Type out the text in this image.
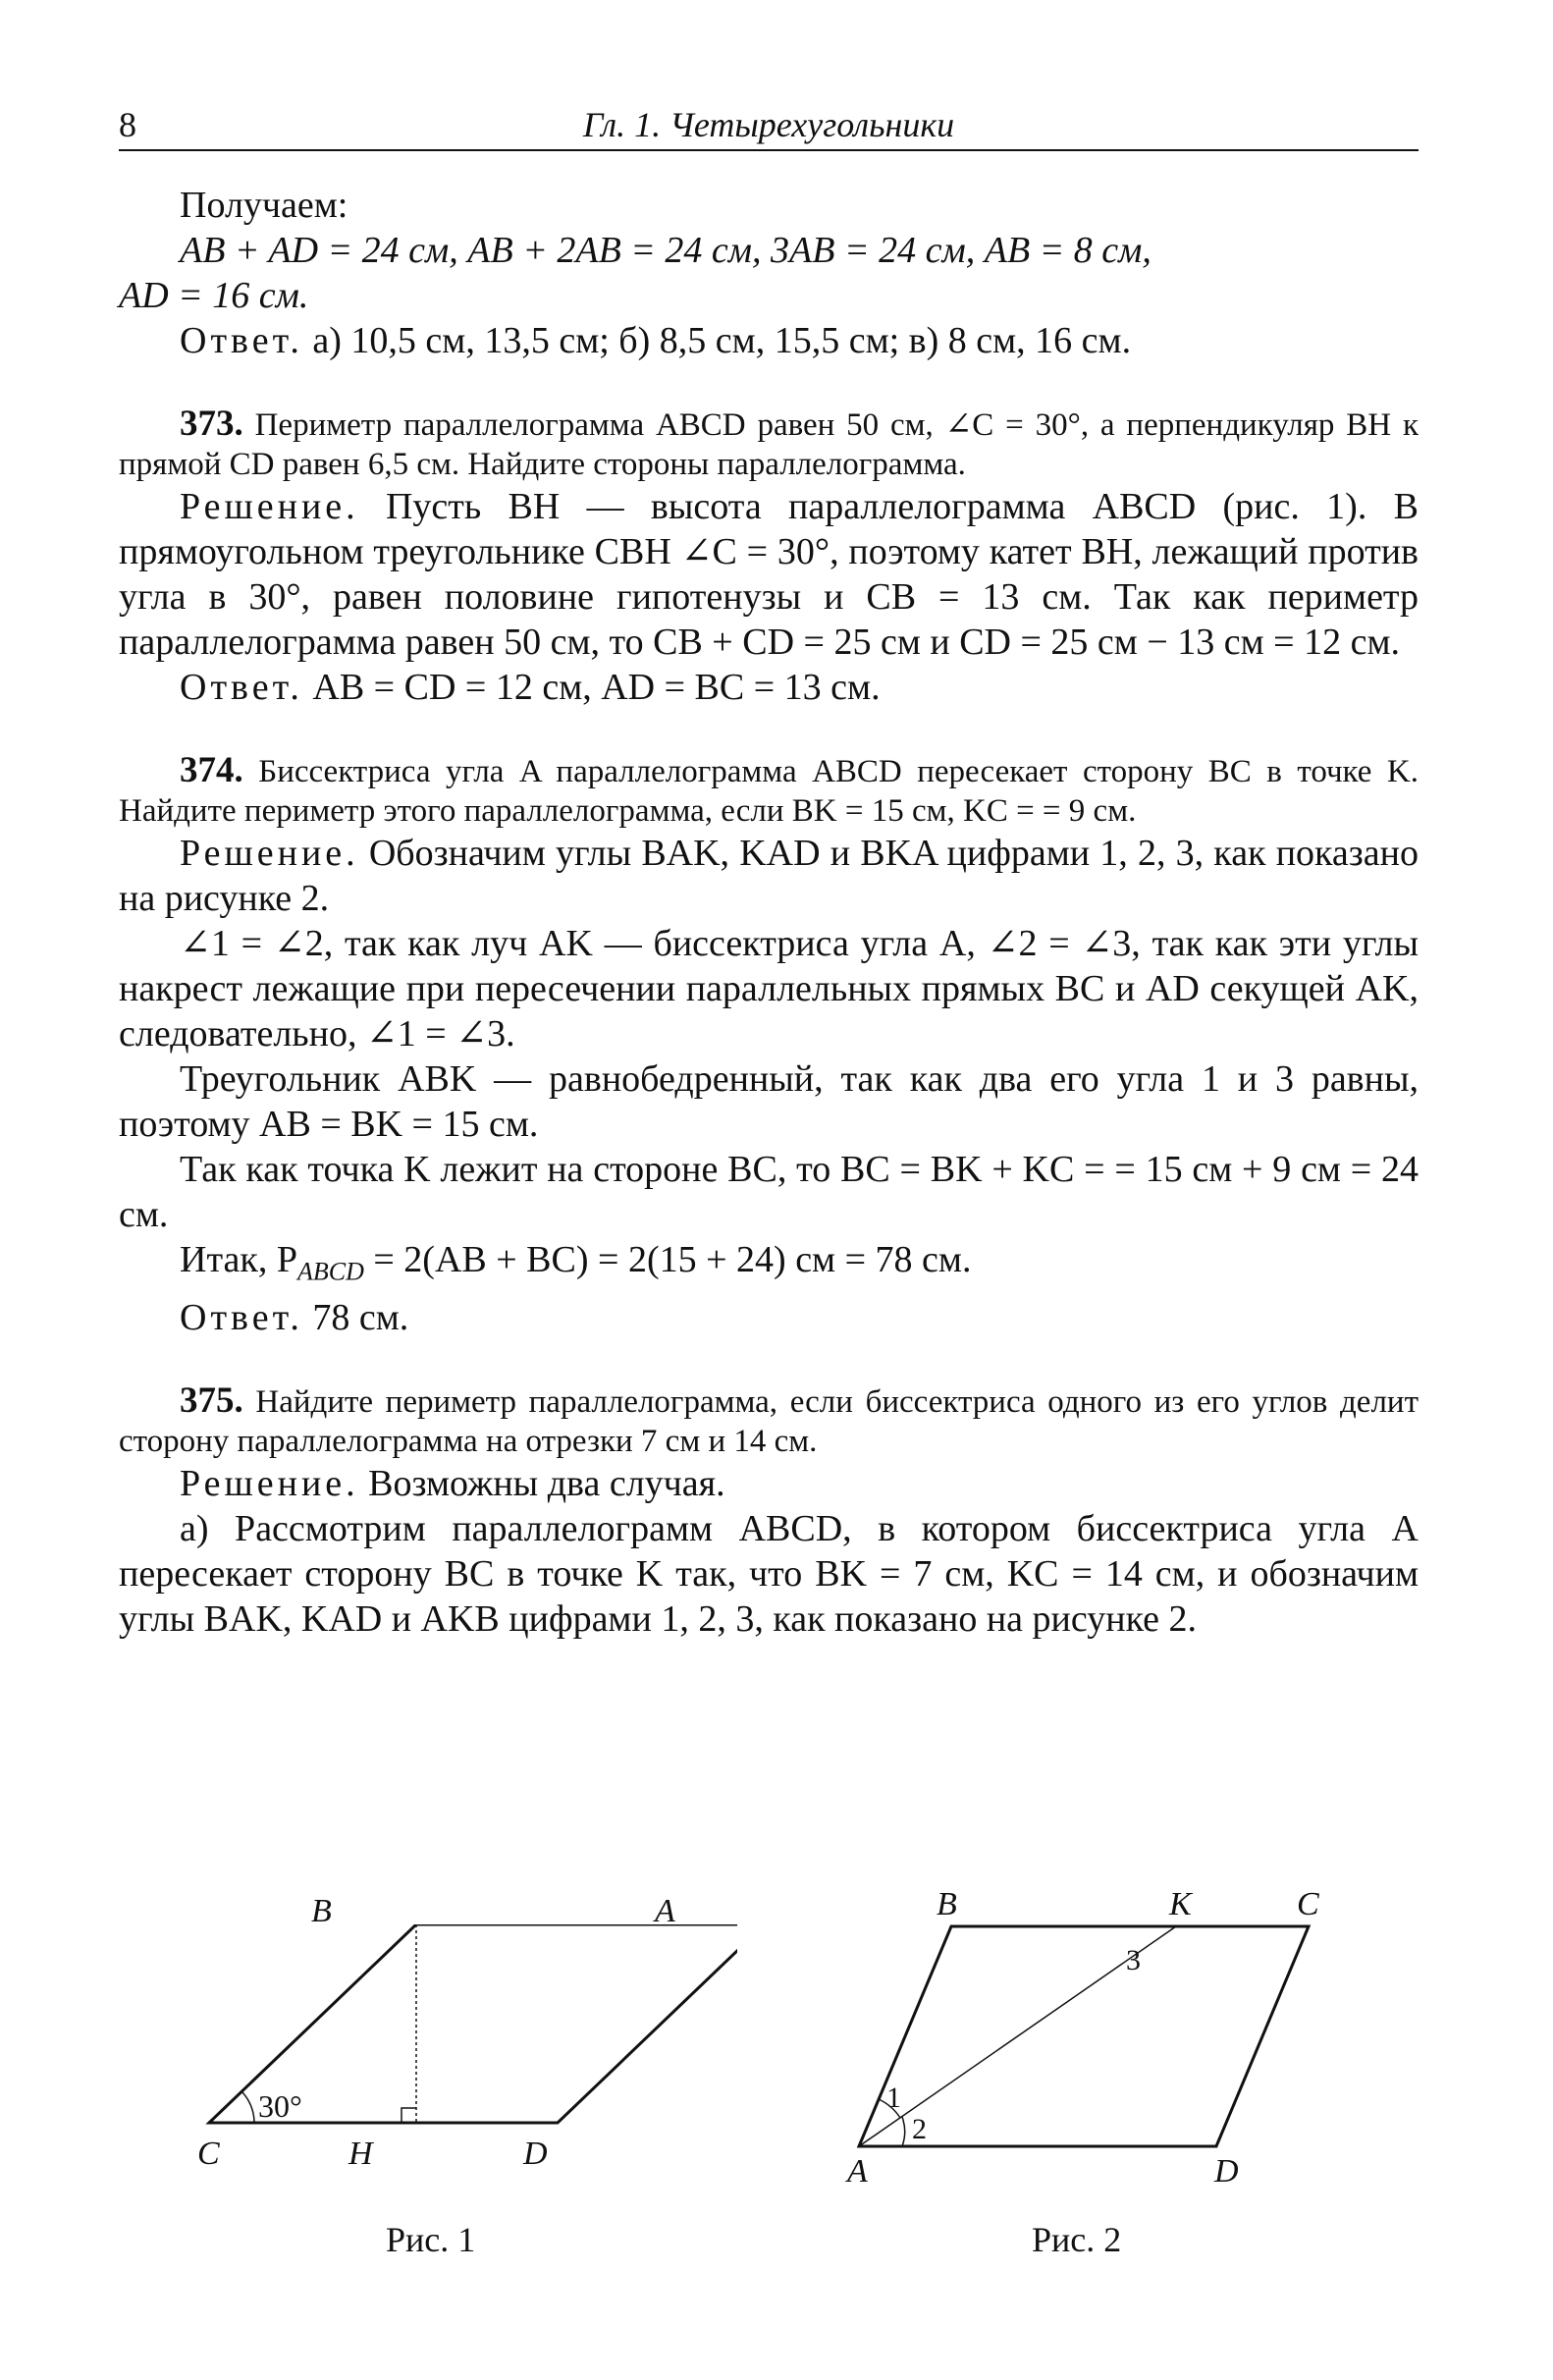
8	Гл. 1. Четырехугольники

Получаем:

AB + AD = 24 см, AB + 2AB = 24 см, 3AB = 24 см, AB = 8 см,

AD = 16 см.

Ответ. а) 10,5 см, 13,5 см; б) 8,5 см, 15,5 см; в) 8 см, 16 см.

373. Периметр параллелограмма ABCD равен 50 см, ∠C = 30°, а перпендикуляр BH к прямой CD равен 6,5 см. Найдите стороны параллелограмма.

Решение. Пусть BH — высота параллелограмма ABCD (рис. 1). В прямоугольном треугольнике CBH ∠C = 30°, поэтому катет BH, лежащий против угла в 30°, равен половине гипотенузы и CB = 13 см. Так как периметр параллелограмма равен 50 см, то CB + CD = 25 см и CD = 25 см − 13 см = 12 см.

Ответ. AB = CD = 12 см, AD = BC = 13 см.

374. Биссектриса угла A параллелограмма ABCD пересекает сторону BC в точке K. Найдите периметр этого параллелограмма, если BK = 15 см, KC = = 9 см.

Решение. Обозначим углы BAK, KAD и BKA цифрами 1, 2, 3, как показано на рисунке 2.

∠1 = ∠2, так как луч AK — биссектриса угла A, ∠2 = ∠3, так как эти углы накрест лежащие при пересечении параллельных прямых BC и AD секущей AK, следовательно, ∠1 = ∠3.

Треугольник ABK — равнобедренный, так как два его угла 1 и 3 равны, поэтому AB = BK = 15 см.

Так как точка K лежит на стороне BC, то BC = BK + KC = = 15 см + 9 см = 24 см.

Итак, $P_{ABCD} = 2(AB + BC) = 2(15 + 24)$ см = 78 см.

Ответ. 78 см.

375. Найдите периметр параллелограмма, если биссектриса одного из его углов делит сторону параллелограмма на отрезки 7 см и 14 см.

Решение. Возможны два случая.

а) Рассмотрим параллелограмм ABCD, в котором биссектриса угла A пересекает сторону BC в точке K так, что BK = 7 см, KC = 14 см, и обозначим углы BAK, KAD и AKB цифрами 1, 2, 3, как показано на рисунке 2.

B	A
C	H	D
30°
Рис. 1
B	K	C
A	D
1
2
3
Рис. 2
